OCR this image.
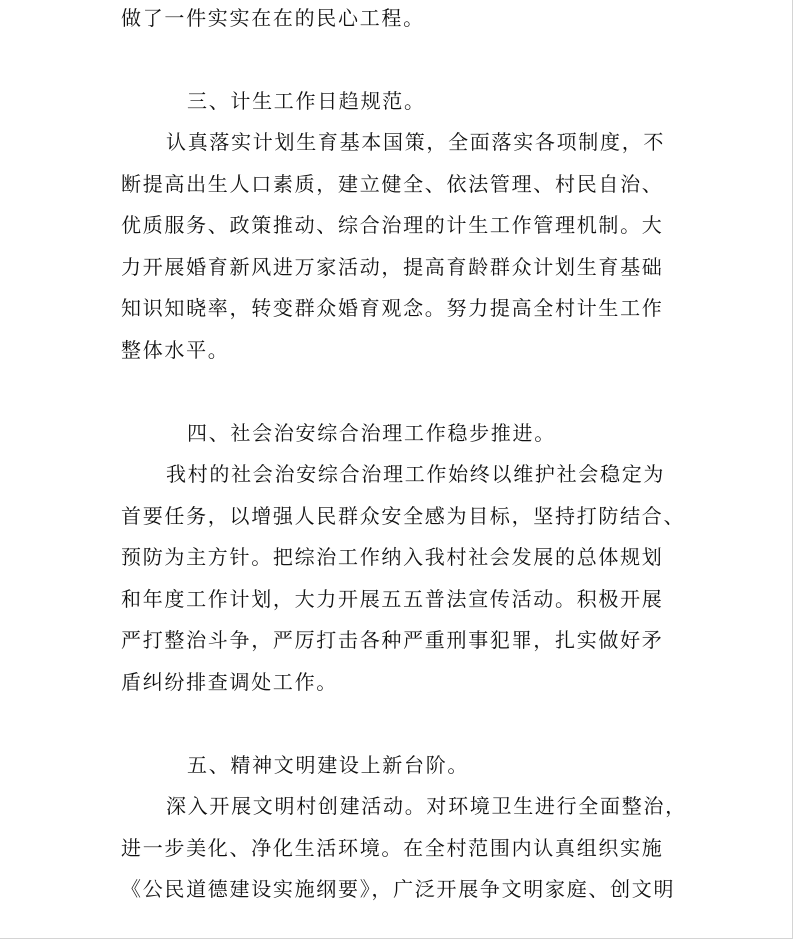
做了一件实实在在的民心工程。
三、计生工作日趋规范。
认真落实计划生育基本国策，全面落实各项制度，不
断提高出生人口素质，建立健全、依法管理、村民自治、
优质服务、政策推动、综合治理的计生工作管理机制。大
力开展婚育新风进万家活动，提高育龄群众计划生育基础
知识知晓率，转变群众婚育观念。努力提高全村计生工作
整体水平。
四、社会治安综合治理工作稳步推进。
我村的社会治安综合治理工作始终以维护社会稳定为
首要任务，以增强人民群众安全感为目标，坚持打防结合、
预防为主方针。把综治工作纳入我村社会发展的总体规划
和年度工作计划，大力开展五五普法宣传活动。积极开展
严打整治斗争，严厉打击各种严重刑事犯罪，扎实做好矛
盾纠纷排查调处工作。
五、精神文明建设上新台阶。
深入开展文明村创建活动。对环境卫生进行全面整治，
进一步美化、净化生活环境。在全村范围内认真组织实施
《公民道德建设实施纲要》，广泛开展争文明家庭、创文明
